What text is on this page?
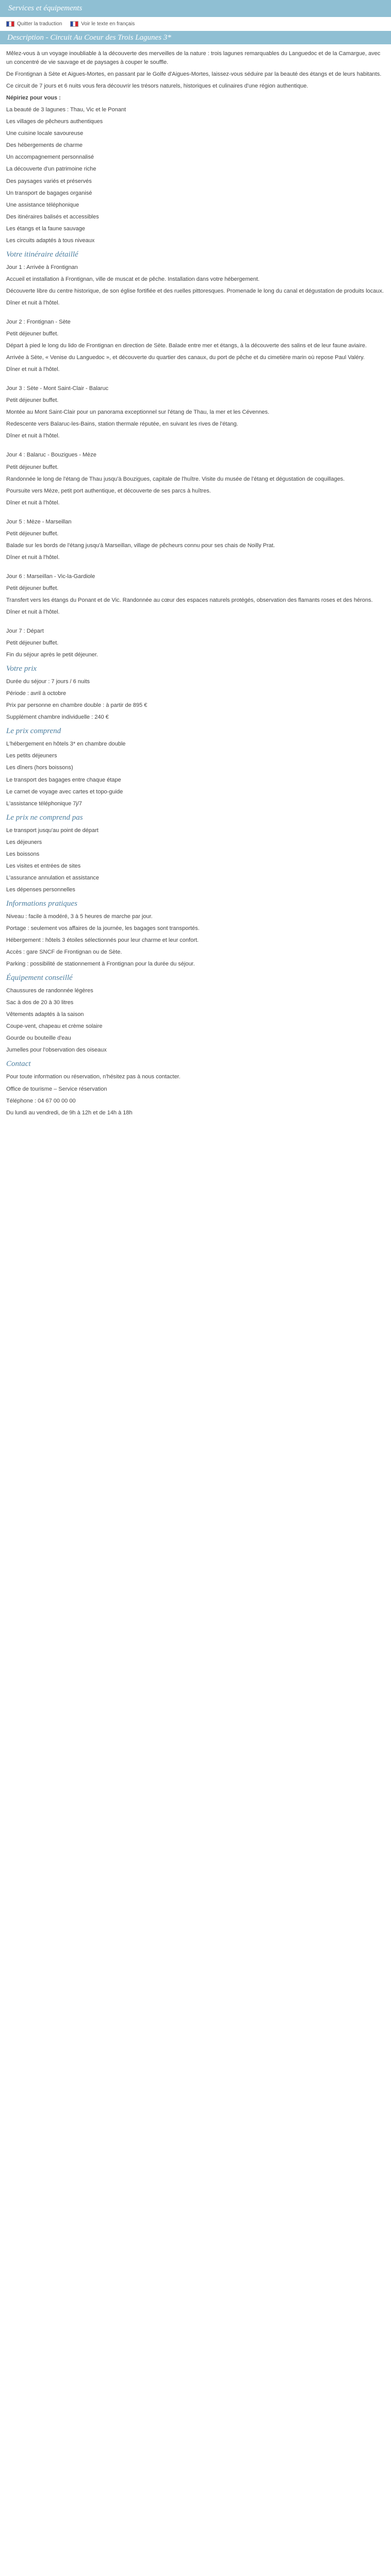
Services et équipements
Quitter la traduction	Voir le texte en français
Description - Circuit Au Coeur des Trois Lagunes 3*

Mêlez-vous à un voyage inoubliable à la découverte des merveilles de la nature : trois lagunes remarquables du Languedoc et de la Camargue, avec un concentré de vie sauvage et de paysages à couper le souffle.

De Frontignan à Sète et Aigues-Mortes, en passant par le Golfe d'Aigues-Mortes, laissez-vous séduire par la beauté des étangs et de leurs habitants.

Ce circuit de 7 jours et 6 nuits vous fera découvrir les trésors naturels, historiques et culinaires d'une région authentique.

Népiriez pour vous :

La beauté de 3 lagunes : Thau, Vic et le Ponant

Les villages de pêcheurs authentiques

Une cuisine locale savoureuse

Des hébergements de charme

Un accompagnement personnalisé

La découverte d'un patrimoine riche

Des paysages variés et préservés

Un transport de bagages organisé

Une assistance téléphonique

Des itinéraires balisés et accessibles

Les étangs et la faune sauvage

Les circuits adaptés à tous niveaux

Votre itinéraire détaillé

Jour 1 : Arrivée à Frontignan

Accueil et installation à Frontignan, ville de muscat et de pêche. Installation dans votre hébergement.

Découverte libre du centre historique, de son église fortifiée et des ruelles pittoresques. Promenade le long du canal et dégustation de produits locaux.

Dîner et nuit à l'hôtel.

Jour 2 : Frontignan - Sète

Petit déjeuner buffet.

Départ à pied le long du lido de Frontignan en direction de Sète. Balade entre mer et étangs, à la découverte des salins et de leur faune aviaire.

Arrivée à Sète, « Venise du Languedoc », et découverte du quartier des canaux, du port de pêche et du cimetière marin où repose Paul Valéry.

Dîner et nuit à l'hôtel.

Jour 3 : Sète - Mont Saint-Clair - Balaruc

Petit déjeuner buffet.

Montée au Mont Saint-Clair pour un panorama exceptionnel sur l'étang de Thau, la mer et les Cévennes.

Redescente vers Balaruc-les-Bains, station thermale réputée, en suivant les rives de l'étang.

Dîner et nuit à l'hôtel.

Jour 4 : Balaruc - Bouzigues - Mèze

Petit déjeuner buffet.

Randonnée le long de l'étang de Thau jusqu'à Bouzigues, capitale de l'huître. Visite du musée de l'étang et dégustation de coquillages.

Poursuite vers Mèze, petit port authentique, et découverte de ses parcs à huîtres.

Dîner et nuit à l'hôtel.

Jour 5 : Mèze - Marseillan

Petit déjeuner buffet.

Balade sur les bords de l'étang jusqu'à Marseillan, village de pêcheurs connu pour ses chais de Noilly Prat.

Dîner et nuit à l'hôtel.

Jour 6 : Marseillan - Vic-la-Gardiole

Petit déjeuner buffet.

Transfert vers les étangs du Ponant et de Vic. Randonnée au cœur des espaces naturels protégés, observation des flamants roses et des hérons.

Dîner et nuit à l'hôtel.

Jour 7 : Départ

Petit déjeuner buffet.

Fin du séjour après le petit déjeuner.

Votre prix

Durée du séjour : 7 jours / 6 nuits

Période : avril à octobre

Prix par personne en chambre double : à partir de 895 €

Supplément chambre individuelle : 240 €

Le prix comprend

L'hébergement en hôtels 3* en chambre double

Les petits déjeuners

Les dîners (hors boissons)

Le transport des bagages entre chaque étape

Le carnet de voyage avec cartes et topo-guide

L'assistance téléphonique 7j/7

Le prix ne comprend pas

Le transport jusqu'au point de départ

Les déjeuners

Les boissons

Les visites et entrées de sites

L'assurance annulation et assistance

Les dépenses personnelles

Informations pratiques

Niveau : facile à modéré, 3 à 5 heures de marche par jour.

Portage : seulement vos affaires de la journée, les bagages sont transportés.

Hébergement : hôtels 3 étoiles sélectionnés pour leur charme et leur confort.

Accès : gare SNCF de Frontignan ou de Sète.

Parking : possibilité de stationnement à Frontignan pour la durée du séjour.

Équipement conseillé

Chaussures de randonnée légères

Sac à dos de 20 à 30 litres

Vêtements adaptés à la saison

Coupe-vent, chapeau et crème solaire

Gourde ou bouteille d'eau

Jumelles pour l'observation des oiseaux

Contact

Pour toute information ou réservation, n'hésitez pas à nous contacter.

Office de tourisme – Service réservation

Téléphone : 04 67 00 00 00

Du lundi au vendredi, de 9h à 12h et de 14h à 18h
